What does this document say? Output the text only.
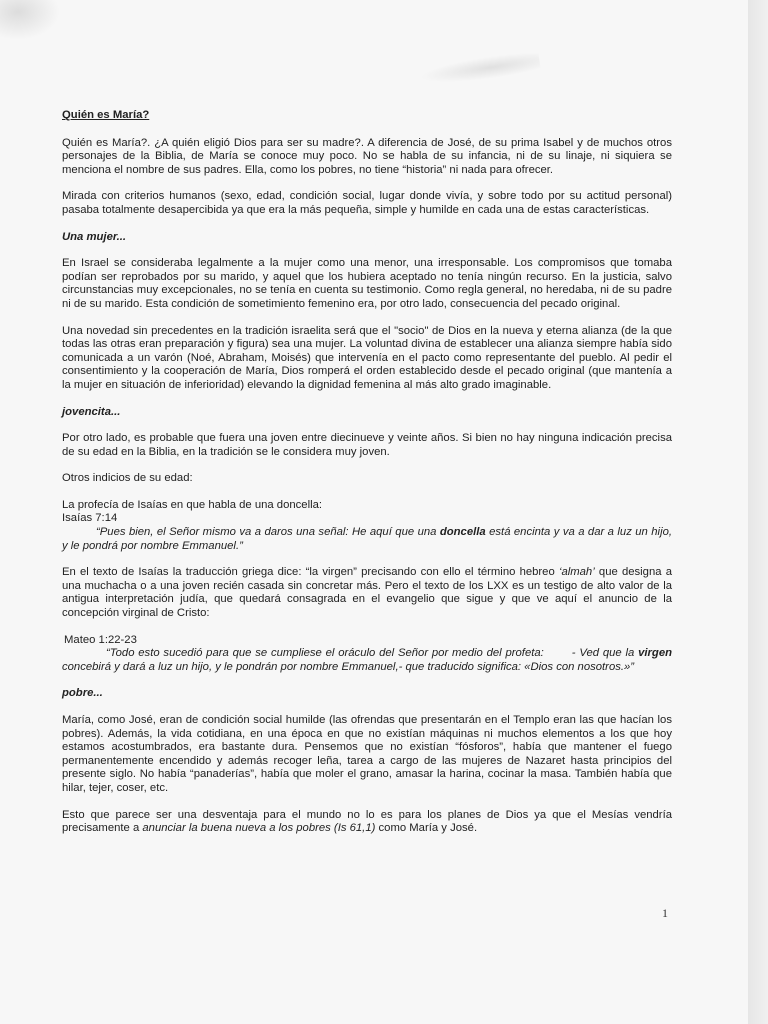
Quién es María?

Quién es María?. ¿A quién eligió Dios para ser su madre?. A diferencia de José, de su prima Isabel y de muchos otros personajes de la Biblia, de María se conoce muy poco. No se habla de su infancia, ni de su linaje, ni siquiera se menciona el nombre de sus padres. Ella, como los pobres, no tiene “historia” ni nada para ofrecer.

Mirada con criterios humanos (sexo, edad, condición social, lugar donde vivía, y sobre todo por su actitud personal) pasaba totalmente desapercibida ya que era la más pequeña, simple y humilde en cada una de estas características.

Una mujer...

En Israel se consideraba legalmente a la mujer como una menor, una irresponsable. Los compromisos que tomaba podían ser reprobados por su marido, y aquel que los hubiera aceptado no tenía ningún recurso. En la justicia, salvo circunstancias muy excepcionales, no se tenía en cuenta su testimonio. Como regla general, no heredaba, ni de su padre ni de su marido. Esta condición de sometimiento femenino era, por otro lado, consecuencia del pecado original.

Una novedad sin precedentes en la tradición israelita será que el "socio" de Dios en la nueva y eterna alianza (de la que todas las otras eran preparación y figura) sea una mujer. La voluntad divina de establecer una alianza siempre había sido comunicada a un varón (Noé, Abraham, Moisés) que intervenía en el pacto como representante del pueblo. Al pedir el consentimiento y la cooperación de María, Dios romperá el orden establecido desde el pecado original (que mantenía a la mujer en situación de inferioridad) elevando la dignidad femenina al más alto grado imaginable.

jovencita...

Por otro lado, es probable que fuera una joven entre diecinueve y veinte años. Si bien no hay ninguna indicación precisa de su edad en la Biblia, en la tradición se le considera muy joven.

Otros indicios de su edad:

La profecía de Isaías en que habla de una doncella:

Isaías 7:14

“Pues bien, el Señor mismo va a daros una señal: He aquí que una doncella está encinta y va a dar a luz un hijo, y le pondrá por nombre Emmanuel.”

En el texto de Isaías la traducción griega dice: “la virgen” precisando con ello el término hebreo ‘almah’ que designa a una muchacha o a una joven recién casada sin concretar más. Pero el texto de los LXX es un testigo de alto valor de la antigua interpretación judía, que quedará consagrada en el evangelio que sigue y que ve aquí el anuncio de la concepción virginal de Cristo:

Mateo 1:22-23

“Todo esto sucedió para que se cumpliese el oráculo del Señor por medio del profeta: - Ved que la virgen concebirá y dará a luz un hijo, y le pondrán por nombre Emmanuel,- que traducido significa: «Dios con nosotros.»”

pobre...

María, como José, eran de condición social humilde (las ofrendas que presentarán en el Templo eran las que hacían los pobres). Además, la vida cotidiana, en una época en que no existían máquinas ni muchos elementos a los que hoy estamos acostumbrados, era bastante dura. Pensemos que no existían “fósforos”, había que mantener el fuego permanentemente encendido y además recoger leña, tarea a cargo de las mujeres de Nazaret hasta principios del presente siglo. No había “panaderías”, había que moler el grano, amasar la harina, cocinar la masa. También había que hilar, tejer, coser, etc.

Esto que parece ser una desventaja para el mundo no lo es para los planes de Dios ya que el Mesías vendría precisamente a anunciar la buena nueva a los pobres (Is 61,1) como María y José.

1
